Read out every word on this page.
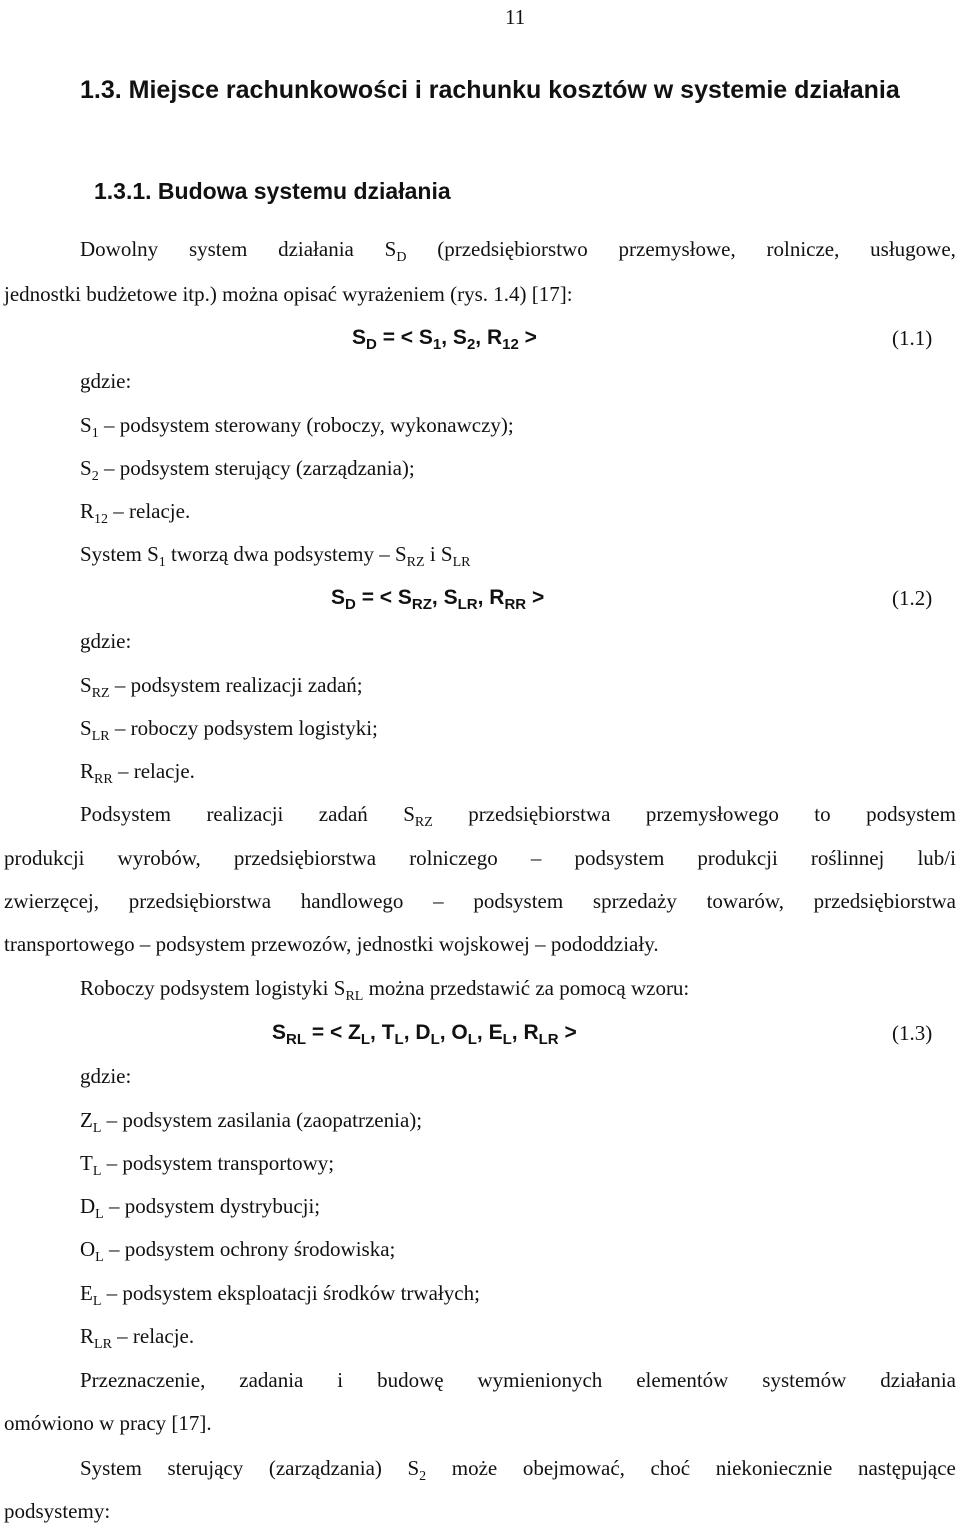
11
1.3. Miejsce rachunkowości i rachunku kosztów w systemie działania
1.3.1. Budowa systemu działania
Dowolny system działania $S_D$ (przedsiębiorstwo przemysłowe, rolnicze, usługowe,
jednostki budżetowe itp.) można opisać wyrażeniem (rys. 1.4) [17]:
$S_D$ = < $S_1$, $S_2$, $R_{12}$ >	(1.1)
gdzie:
$S_1$ – podsystem sterowany (roboczy, wykonawczy);
$S_2$ – podsystem sterujący (zarządzania);
$R_{12}$ – relacje.
System $S_1$ tworzą dwa podsystemy – $S_{RZ}$ i $S_{LR}$
$S_D$ = < $S_{RZ}$, $S_{LR}$, $R_{RR}$ >	(1.2)
gdzie:
$S_{RZ}$ – podsystem realizacji zadań;
$S_{LR}$ – roboczy podsystem logistyki;
$R_{RR}$ – relacje.
Podsystem realizacji zadań $S_{RZ}$ przedsiębiorstwa przemysłowego to podsystem
produkcji wyrobów, przedsiębiorstwa rolniczego – podsystem produkcji roślinnej lub/i
zwierzęcej, przedsiębiorstwa handlowego – podsystem sprzedaży towarów, przedsiębiorstwa
transportowego – podsystem przewozów, jednostki wojskowej – pododdziały.
Roboczy podsystem logistyki $S_{RL}$ można przedstawić za pomocą wzoru:
$S_{RL}$ = < $Z_L$, $T_L$, $D_L$, $O_L$, $E_L$, $R_{LR}$ >	(1.3)
gdzie:
$Z_L$ – podsystem zasilania (zaopatrzenia);
$T_L$ – podsystem transportowy;
$D_L$ – podsystem dystrybucji;
$O_L$ – podsystem ochrony środowiska;
$E_L$ – podsystem eksploatacji środków trwałych;
$R_{LR}$ – relacje.
Przeznaczenie, zadania i budowę wymienionych elementów systemów działania
omówiono w pracy [17].
System sterujący (zarządzania) $S_2$ może obejmować, choć niekoniecznie następujące
podsystemy:
